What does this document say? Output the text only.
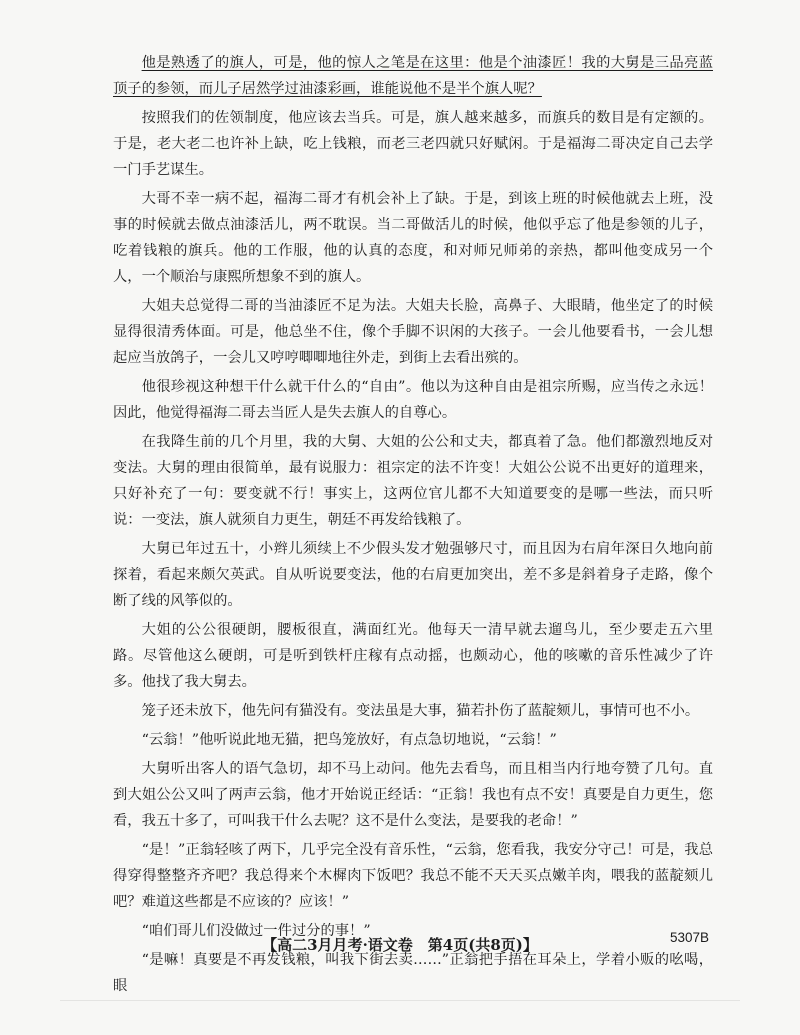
他是熟透了的旗人，可是，他的惊人之笔是在这里：他是个油漆匠！我的大舅是三品亮蓝顶子的参领，而儿子居然学过油漆彩画，谁能说他不是半个旗人呢？

按照我们的佐领制度，他应该去当兵。可是，旗人越来越多，而旗兵的数目是有定额的。于是，老大老二也许补上缺，吃上钱粮，而老三老四就只好赋闲。于是福海二哥决定自己去学一门手艺谋生。

大哥不幸一病不起，福海二哥才有机会补上了缺。于是，到该上班的时候他就去上班，没事的时候就去做点油漆活儿，两不耽误。当二哥做活儿的时候，他似乎忘了他是参领的儿子，吃着钱粮的旗兵。他的工作服，他的认真的态度，和对师兄师弟的亲热，都叫他变成另一个人，一个顺治与康熙所想象不到的旗人。

大姐夫总觉得二哥的当油漆匠不足为法。大姐夫长脸，高鼻子、大眼睛，他坐定了的时候显得很清秀体面。可是，他总坐不住，像个手脚不识闲的大孩子。一会儿他要看书，一会儿想起应当放鸽子，一会儿又哼哼唧唧地往外走，到街上去看出殡的。

他很珍视这种想干什么就干什么的“自由”。他以为这种自由是祖宗所赐，应当传之永远！因此，他觉得福海二哥去当匠人是失去旗人的自尊心。

在我降生前的几个月里，我的大舅、大姐的公公和丈夫，都真着了急。他们都激烈地反对变法。大舅的理由很简单，最有说服力：祖宗定的法不许变！大姐公公说不出更好的道理来，只好补充了一句：要变就不行！事实上，这两位官儿都不大知道要变的是哪一些法，而只听说：一变法，旗人就须自力更生，朝廷不再发给钱粮了。

大舅已年过五十，小辫儿须续上不少假头发才勉强够尺寸，而且因为右肩年深日久地向前探着，看起来颇欠英武。自从听说要变法，他的右肩更加突出，差不多是斜着身子走路，像个断了线的风筝似的。

大姐的公公很硬朗，腰板很直，满面红光。他每天一清早就去遛鸟儿，至少要走五六里路。尽管他这么硬朗，可是听到铁杆庄稼有点动摇，也颇动心，他的咳嗽的音乐性减少了许多。他找了我大舅去。

笼子还未放下，他先问有猫没有。变法虽是大事，猫若扑伤了蓝靛颏儿，事情可也不小。

“云翁！”他听说此地无猫，把鸟笼放好，有点急切地说，“云翁！”

大舅听出客人的语气急切，却不马上动问。他先去看鸟，而且相当内行地夸赞了几句。直到大姐公公又叫了两声云翁，他才开始说正经话：“正翁！我也有点不安！真要是自力更生，您看，我五十多了，可叫我干什么去呢？这不是什么变法，是要我的老命！”

“是！”正翁轻咳了两下，几乎完全没有音乐性，“云翁，您看我，我安分守己！可是，我总得穿得整整齐齐吧？我总得来个木樨肉下饭吧？我总不能不天天买点嫩羊肉，喂我的蓝靛颏儿吧？难道这些都是不应该的？应该！”

“咱们哥儿们没做过一件过分的事！”

“是嘛！真要是不再发钱粮，叫我下街去卖……”正翁把手捂在耳朵上，学着小贩的吆喝，眼

【高二3月月考·语文卷　第4页(共8页)】	5307B
